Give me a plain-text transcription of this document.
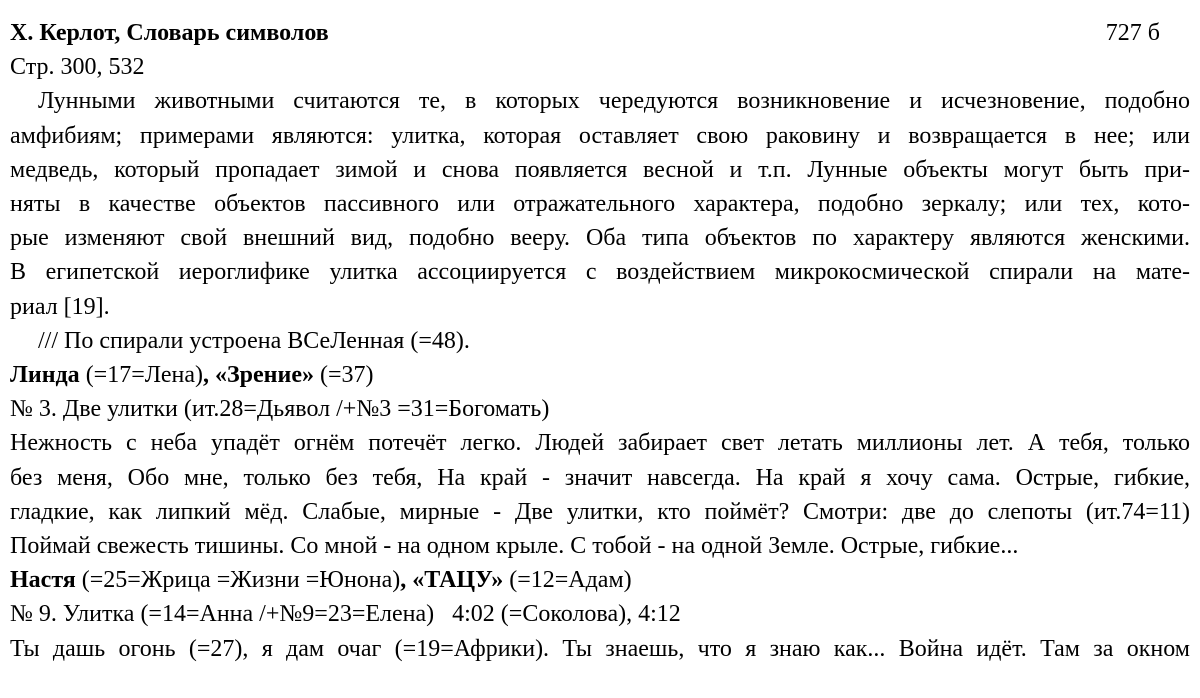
Х. Керлот, Словарь символов	727 б
Стр. 300, 532
Лунными животными считаются те, в которых чередуются возникновение и исчезновение, подобно
амфибиям; примерами являются: улитка, которая оставляет свою раковину и возвращается в нее; или
медведь, который пропадает зимой и снова появляется весной и т.п. Лунные объекты могут быть при-
няты в качестве объектов пассивного или отражательного характера, подобно зеркалу; или тех, кото-
рые изменяют свой внешний вид, подобно вееру. Оба типа объектов по характеру являются женскими.
В египетской иероглифике улитка ассоциируется с воздействием микрокосмической спирали на мате-
риал [19].
/// По спирали устроена ВСеЛенная (=48).
Линда (=17=Лена), «Зрение» (=37)
№ 3. Две улитки (ит.28=Дьявол /+№3 =31=Богомать)
Нежность с неба упадёт огнём потечёт легко. Людей забирает свет летать миллионы лет. А тебя, только
без меня, Обо мне, только без тебя, На край - значит навсегда. На край я хочу сама. Острые, гибкие,
гладкие, как липкий мёд. Слабые, мирные - Две улитки, кто поймёт? Смотри: две до слепоты (ит.74=11)
Поймай свежесть тишины. Со мной - на одном крыле. С тобой - на одной Земле. Острые, гибкие...
Настя (=25=Жрица =Жизни =Юнона), «ТАЦУ» (=12=Адам)
№ 9. Улитка (=14=Анна /+№9=23=Елена)   4:02 (=Соколова), 4:12
Ты дашь огонь (=27), я дам очаг (=19=Африки). Ты знаешь, что я знаю как... Война идёт. Там за окном
